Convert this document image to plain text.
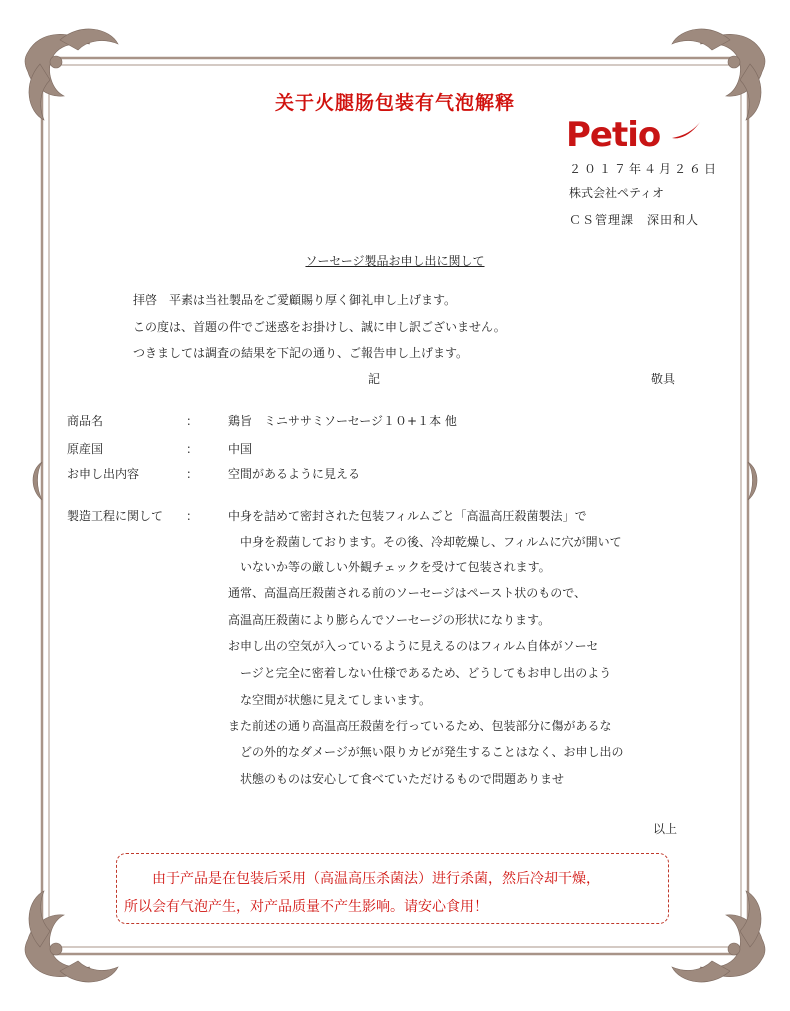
关于火腿肠包装有气泡解释
Petio
２０１７年４月２６日
株式会社ペティオ
ＣＳ管理課　深田和人
ソーセージ製品お申し出に関して
拝啓　平素は当社製品をご愛顧賜り厚く御礼申し上げます。
この度は、首題の件でご迷惑をお掛けし、誠に申し訳ございません。
つきましては調査の結果を下記の通り、ご報告申し上げます。
記	敬具
商品名	： 鶏旨　ミニササミソーセージ１０+１本 他
原産国	： 中国
お申し出内容	： 空間があるように見える
製造工程に関して ： 中身を詰めて密封された包装フィルムごと「高温高圧殺菌製法」で
　中身を殺菌しております。その後、冷却乾燥し、フィルムに穴が開いて
　いないか等の厳しい外観チェックを受けて包装されます。
通常、高温高圧殺菌される前のソーセージはペースト状のもので、
高温高圧殺菌により膨らんでソーセージの形状になります。
お申し出の空気が入っているように見えるのはフィルム自体がソーセ
　ージと完全に密着しない仕様であるため、どうしてもお申し出のよう
　な空間が状態に見えてしまいます。
また前述の通り高温高圧殺菌を行っているため、包装部分に傷があるな
　どの外的なダメージが無い限りカビが発生することはなく、お申し出の
　状態のものは安心して食べていただけるもので問題ありませ
以上
由于产品是在包装后采用（高温高压杀菌法）进行杀菌，然后冷却干燥，
所以会有气泡产生，对产品质量不产生影响。请安心食用！
